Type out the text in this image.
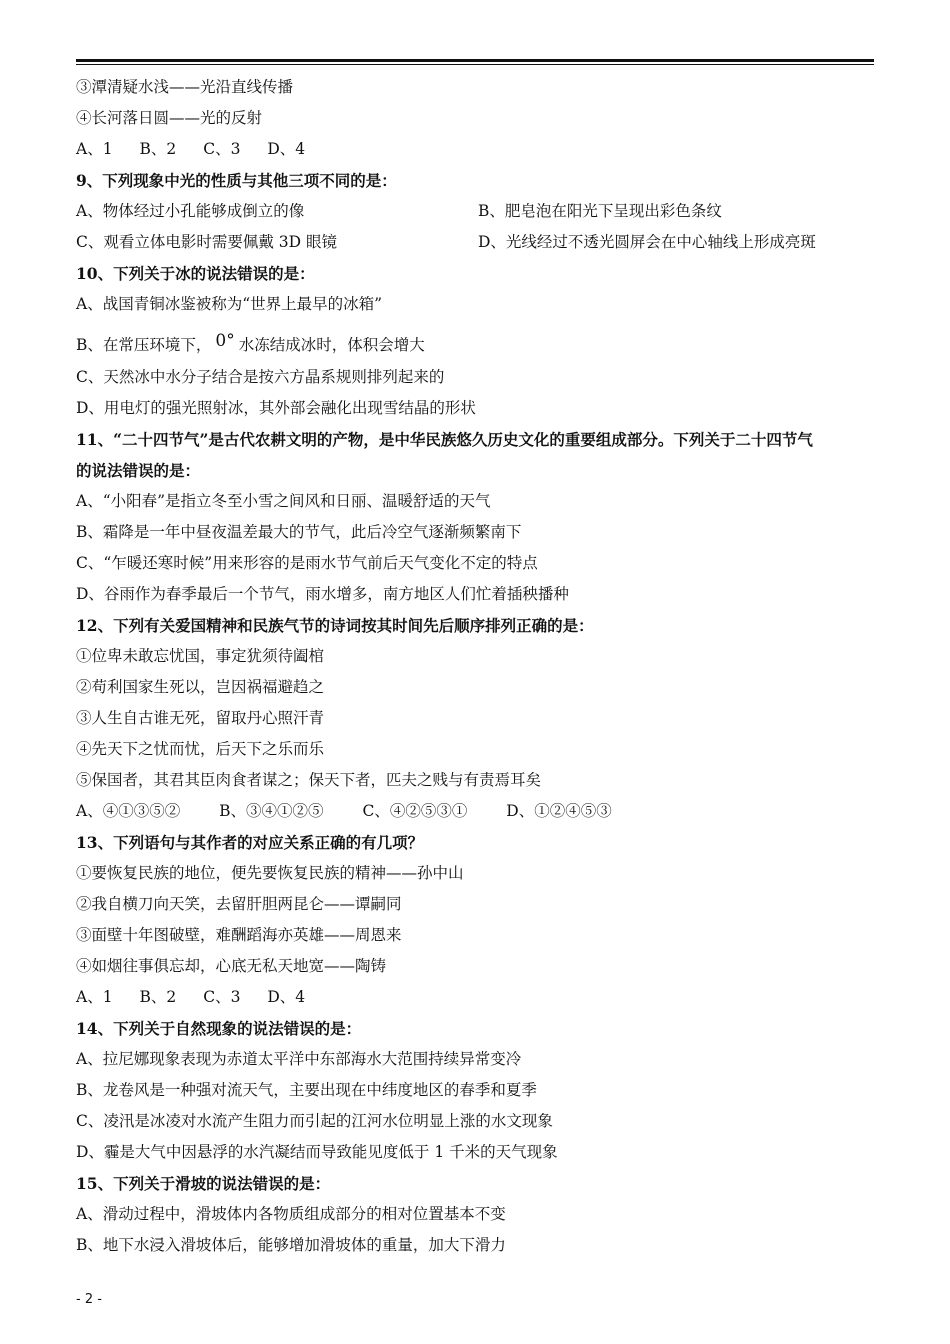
③潭清疑水浅——光沿直线传播
④长河落日圆——光的反射
A、1 B、2 C、3 D、4
9、下列现象中光的性质与其他三项不同的是：
A、物体经过小孔能够成倒立的像	B、肥皂泡在阳光下呈现出彩色条纹
C、观看立体电影时需要佩戴 3D 眼镜	D、光线经过不透光圆屏会在中心轴线上形成亮斑
10、下列关于冰的说法错误的是：
A、战国青铜冰鉴被称为“世界上最早的冰箱”
B、在常压环境下， 0° 水冻结成冰时，体积会增大
C、天然冰中水分子结合是按六方晶系规则排列起来的
D、用电灯的强光照射冰，其外部会融化出现雪结晶的形状
11、“二十四节气”是古代农耕文明的产物，是中华民族悠久历史文化的重要组成部分。下列关于二十四节气
的说法错误的是：
A、“小阳春”是指立冬至小雪之间风和日丽、温暖舒适的天气
B、霜降是一年中昼夜温差最大的节气，此后冷空气逐渐频繁南下
C、“乍暖还寒时候”用来形容的是雨水节气前后天气变化不定的特点
D、谷雨作为春季最后一个节气，雨水增多，南方地区人们忙着插秧播种
12、下列有关爱国精神和民族气节的诗词按其时间先后顺序排列正确的是：
①位卑未敢忘忧国，事定犹须待阖棺
②苟利国家生死以，岂因祸福避趋之
③人生自古谁无死，留取丹心照汗青
④先天下之忧而忧，后天下之乐而乐
⑤保国者，其君其臣肉食者谋之；保天下者，匹夫之贱与有责焉耳矣
A、④①③⑤②	B、③④①②⑤	C、④②⑤③①	D、①②④⑤③
13、下列语句与其作者的对应关系正确的有几项？
①要恢复民族的地位，便先要恢复民族的精神——孙中山
②我自横刀向天笑，去留肝胆两昆仑——谭嗣同
③面壁十年图破壁，难酬蹈海亦英雄——周恩来
④如烟往事俱忘却，心底无私天地宽——陶铸
A、1 B、2 C、3 D、4
14、下列关于自然现象的说法错误的是：
A、拉尼娜现象表现为赤道太平洋中东部海水大范围持续异常变冷
B、龙卷风是一种强对流天气，主要出现在中纬度地区的春季和夏季
C、凌汛是冰凌对水流产生阻力而引起的江河水位明显上涨的水文现象
D、霾是大气中因悬浮的水汽凝结而导致能见度低于 1 千米的天气现象
15、下列关于滑坡的说法错误的是：
A、滑动过程中，滑坡体内各物质组成部分的相对位置基本不变
B、地下水浸入滑坡体后，能够增加滑坡体的重量，加大下滑力
- 2 -
